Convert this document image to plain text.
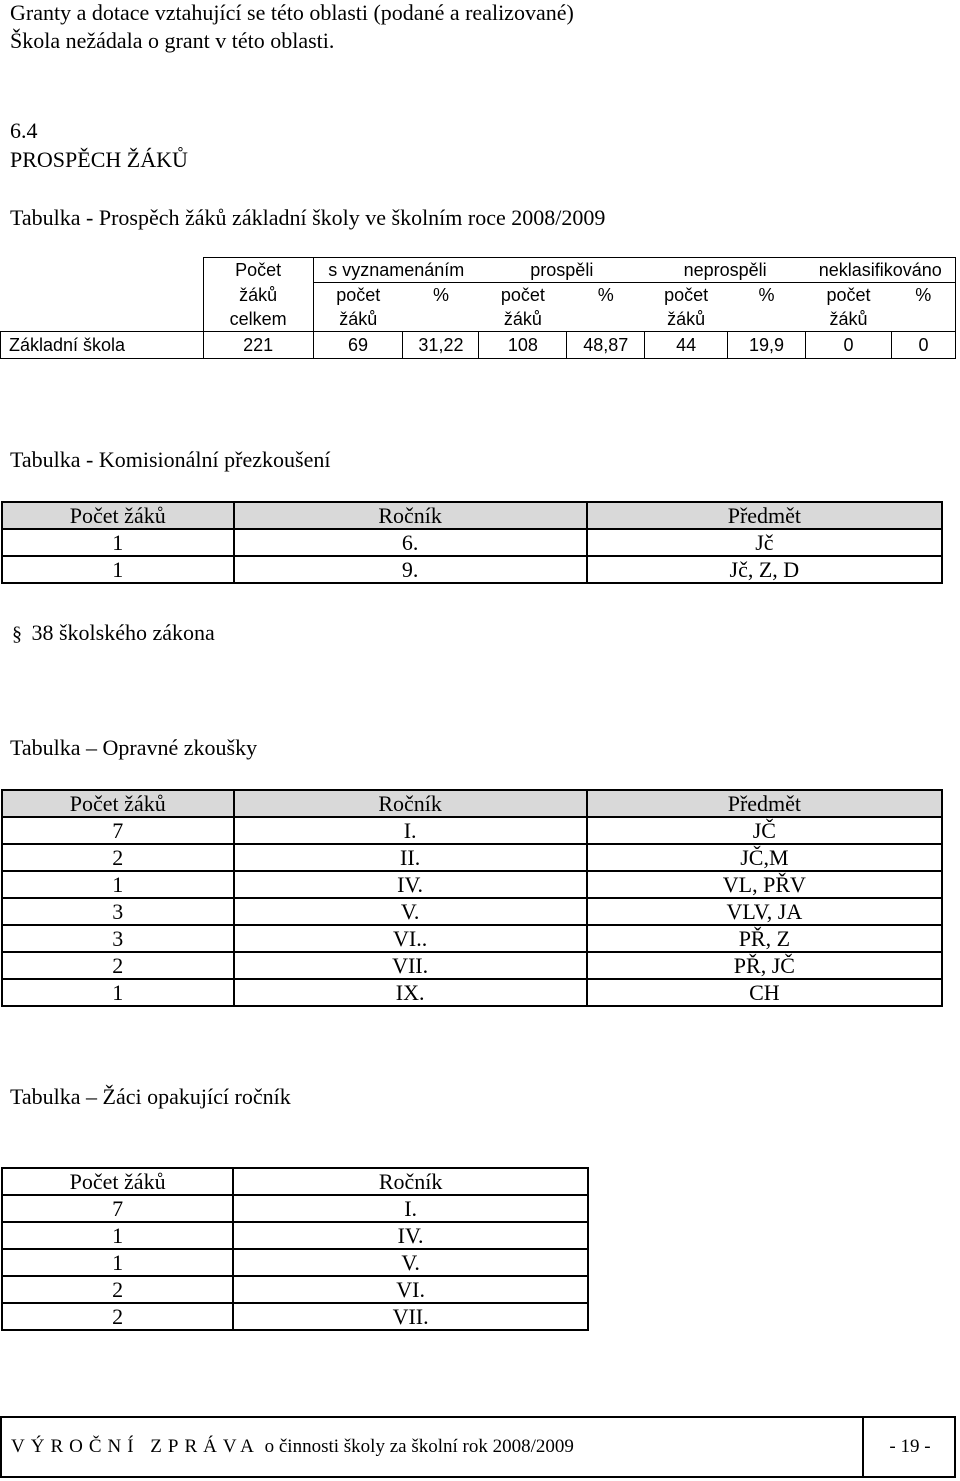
Granty a dotace vztahující se této oblasti (podané a realizované)
Škola nežádala o grant v této oblasti.
6.4
PROSPĚCH ŽÁKŮ
Tabulka - Prospěch žáků základní školy ve školním roce 2008/2009
	Počet	s vyznamenáním		prospěli		neprospěli		neklasifikováno	
	žáků	počet	%	počet	%	počet	%	počet	%
	celkem	žáků		žáků		žáků		žáků	
Základní škola	221	69	31,22	108	48,87	44	19,9	0	0
Tabulka - Komisionální přezkoušení
Počet žáků	Ročník	Předmět
1	6.	Jč
1	9.	Jč, Z, D
§ 38 školského zákona
Tabulka – Opravné zkoušky
Počet žáků	Ročník	Předmět
7	I.	JČ
2	II.	JČ,M
1	IV.	VL, PŘV
3	V.	VLV, JA
3	VI..	PŘ, Z
2	VII.	PŘ, JČ
1	IX.	CH
Tabulka – Žáci opakující ročník
Počet žáků	Ročník
7	I.
1	IV.
1	V.
2	VI.
2	VII.
VÝROČNÍ ZPRÁVA o činnosti školy za školní rok 2008/2009	- 19 -
